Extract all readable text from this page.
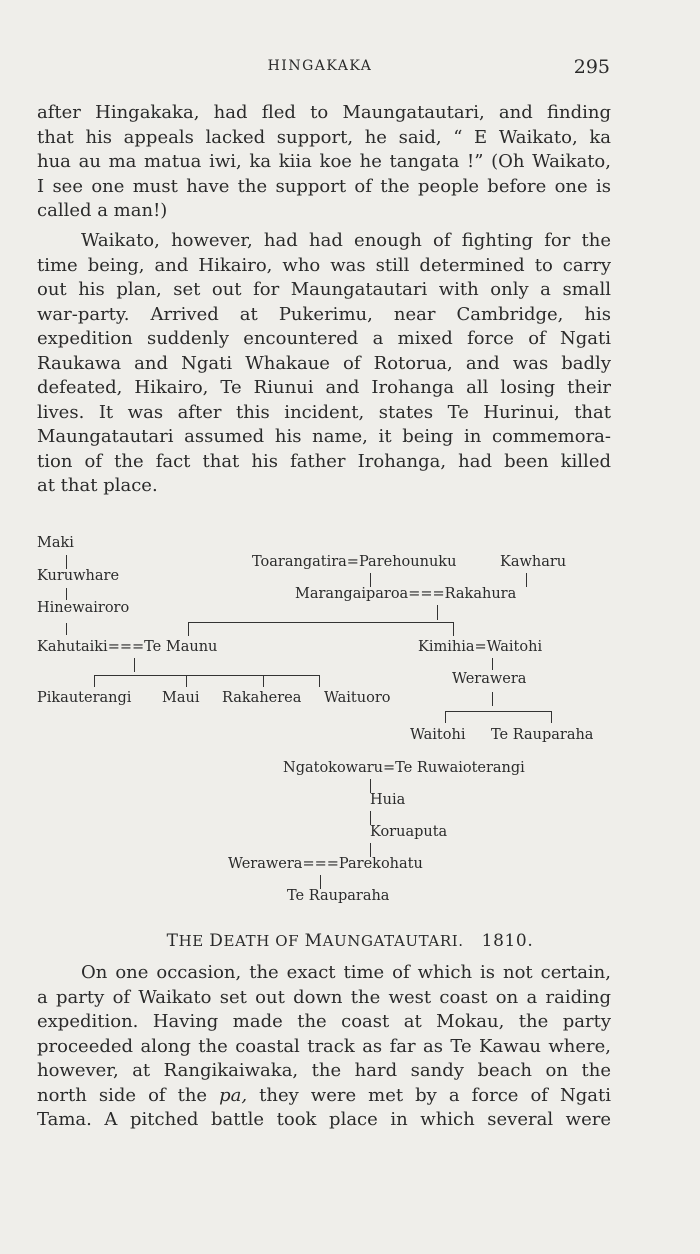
HINGAKAKA	295
after Hingakaka, had fled to Maungatautari, and finding
that his appeals lacked support, he said, “ E Waikato, ka
hua au ma matua iwi, ka kiia koe he tangata !” (Oh Waikato,
I see one must have the support of the people before one is
called a man!)
Waikato, however, had had enough of fighting for the
time being, and Hikairo, who was still determined to carry
out his plan, set out for Maungatautari with only a small
war-party. Arrived at Pukerimu, near Cambridge, his
expedition suddenly encountered a mixed force of Ngati
Raukawa and Ngati Whakaue of Rotorua, and was badly
defeated, Hikairo, Te Riunui and Irohanga all losing their
lives. It was after this incident, states Te Hurinui, that
Maungatautari assumed his name, it being in commemora-
tion of the fact that his father Irohanga, had been killed
at that place.
Maki
Kuruwhare
Hinewairoro
Kahutaiki===Te Maunu
Pikauterangi Maui Rakaherea Waituoro
Toarangatira=Parehounuku	Kawharu
Marangaiparoa===Rakahura
Kimihia=Waitohi
Werawera
Waitohi Te Rauparaha
Ngatokowaru=Te Ruwaioterangi
Huia
Koruaputa
Werawera===Parekohatu
Te Rauparaha
THE DEATH OF MAUNGATAUTARI. 1810.
On one occasion, the exact time of which is not certain,
a party of Waikato set out down the west coast on a raiding
expedition. Having made the coast at Mokau, the party
proceeded along the coastal track as far as Te Kawau where,
however, at Rangikaiwaka, the hard sandy beach on the
north side of the pa, they were met by a force of Ngati
Tama. A pitched battle took place in which several were
